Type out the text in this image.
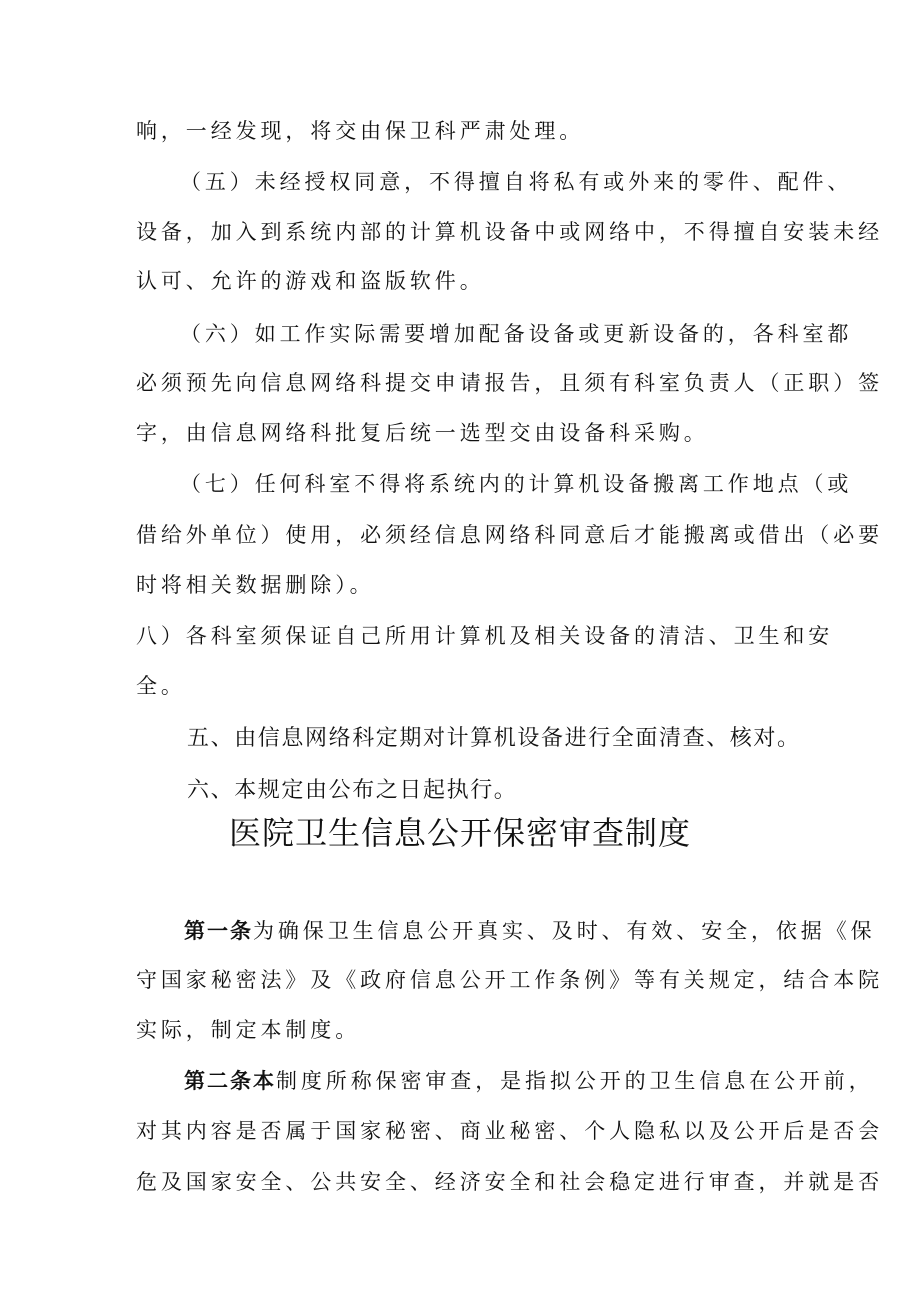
响，一经发现，将交由保卫科严肃处理。
（五）未经授权同意，不得擅自将私有或外来的零件、配件、
设备，加入到系统内部的计算机设备中或网络中，不得擅自安装未经
认可、允许的游戏和盗版软件。
（六）如工作实际需要增加配备设备或更新设备的，各科室都
必须预先向信息网络科提交申请报告，且须有科室负责人（正职）签
字，由信息网络科批复后统一选型交由设备科采购。
（七）任何科室不得将系统内的计算机设备搬离工作地点（或
借给外单位）使用，必须经信息网络科同意后才能搬离或借出（必要
时将相关数据删除）。
八）各科室须保证自己所用计算机及相关设备的清洁、卫生和安
全。
五、由信息网络科定期对计算机设备进行全面清查、核对。
六、本规定由公布之日起执行。
医院卫生信息公开保密审查制度
第一条为确保卫生信息公开真实、及时、有效、安全，依据《保
守国家秘密法》及《政府信息公开工作条例》等有关规定，结合本院
实际，制定本制度。
第二条本制度所称保密审查，是指拟公开的卫生信息在公开前，
对其内容是否属于国家秘密、商业秘密、个人隐私以及公开后是否会
危及国家安全、公共安全、经济安全和社会稳定进行审查，并就是否
